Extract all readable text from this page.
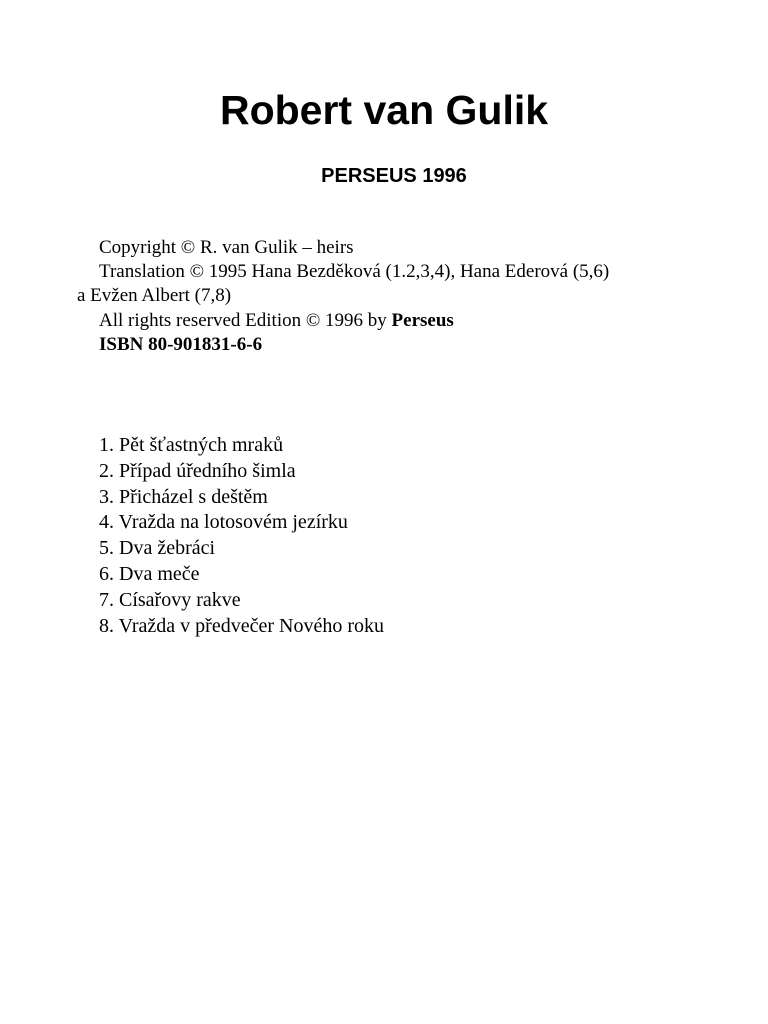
Robert van Gulik
PERSEUS 1996
Copyright © R. van Gulik – heirs
Translation © 1995 Hana Bezděková (1.2,3,4), Hana Ederová (5,6)
a Evžen Albert (7,8)
All rights reserved Edition © 1996 by Perseus
ISBN 80-901831-6-6
1. Pět šťastných mraků
2. Případ úředního šimla
3. Přicházel s deštěm
4. Vražda na lotosovém jezírku
5. Dva žebráci
6. Dva meče
7. Císařovy rakve
8. Vražda v předvečer Nového roku
